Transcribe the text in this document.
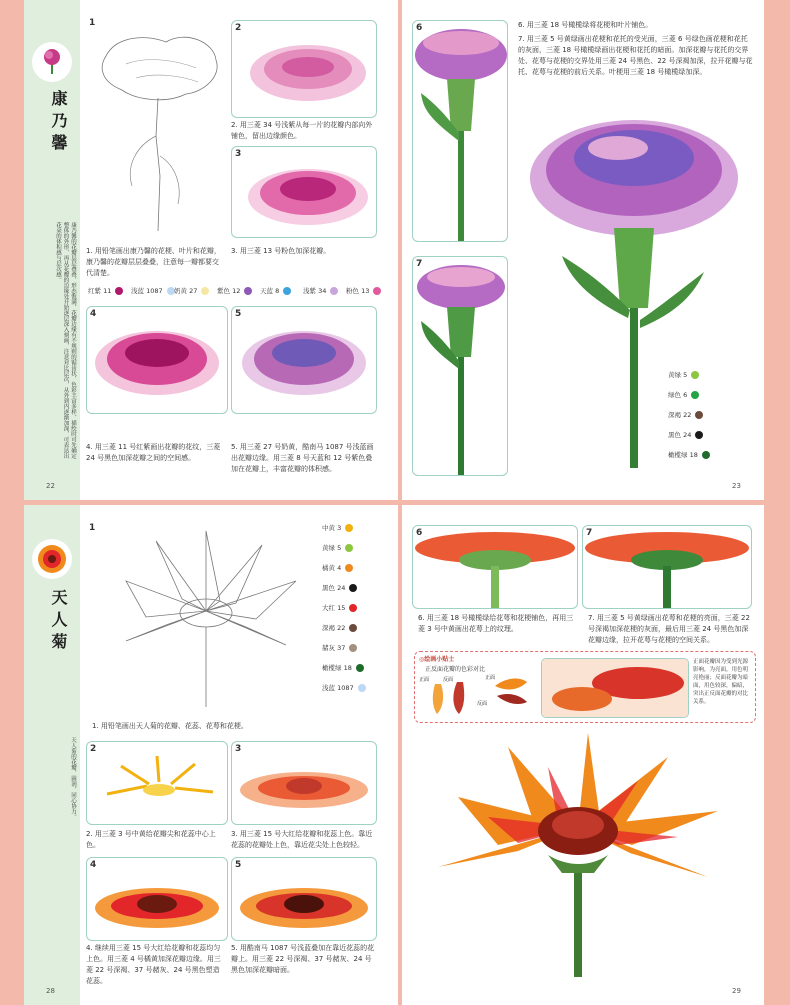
康乃馨
康乃馨的花瓣层层叠叠，形态饱满，花瓣边缘有不规则的锯齿状，色彩丰富多样，描绘时可先确定整体的外形，再从花瓣的边缘处开始逐层深入刻画，注意对比层次，从外到内逐渐加深，可表达出花朵的体积感与层次感。
22
1
1. 用铅笔画出康乃馨的花梗、叶片和花瓣，康乃馨的花瓣层层叠叠，注意每一瓣都要交代清楚。
2
2. 用三菱 34 号浅紫从每一片的花瓣内部向外铺色，留出边缘颜色。
3
3. 用三菱 13 号粉色加深花瓣。
红紫 11	浅蓝 1087 奶黄 27	紫色 12	天蓝 8	浅紫 34	粉色 13
4
4. 用三菱 11 号红紫画出花瓣的花纹，三菱 24 号黑色加深花瓣之间的空间感。
5
5. 用三菱 27 号奶黄，酷南马 1087 号浅蓝画出花瓣边缘。用三菱 8 号天蓝和 12 号紫色叠加在花瓣上，丰富花瓣的体积感。
6	6. 用三菱 18 号橄榄绿将花梗和叶片铺色。
7. 用三菱 5 号黄绿画出花梗和花托的受光面，三菱 6 号绿色画花梗和花托的灰面，三菱 18 号橄榄绿画出花梗和花托的暗面。加深花瓣与花托的交界处、花萼与花梗的交界处用三菱 24 号黑色、22 号深褐加深，拉开花瓣与花托、花萼与花梗的前后关系。叶梗用三菱 18 号橄榄绿加深。
7
黄绿 5
绿色 6
深褐 22
黑色 24
橄榄绿 18
23
天人菊
天人菊的花瓣，圆润，同心协力。
28
1
1. 用铅笔画出天人菊的花瓣、花蕊、花萼和花梗。
中黄 3
黄绿 5
橘黄 4
黑色 24
大红 15
深褐 22
赭灰 37
橄榄绿 18
浅蓝 1087
2
2. 用三菱 3 号中黄给花瓣尖和花蕊中心上色。
3
3. 用三菱 15 号大红给花瓣和花蕊上色。靠近花蕊的花瓣处上色，靠近花尖处上色较轻。
4
4. 继续用三菱 15 号大红给花瓣和花蕊均匀上色。用三菱 4 号橘黄加深花瓣边缘。用三菱 22 号深褐、37 号赭灰、24 号黑色塑造花蕊。
5
5. 用酷南马 1087 号浅蓝叠加在靠近花蕊的花瓣上。用三菱 22 号深褐、37 号赭灰、24 号黑色加深花瓣暗面。
6
6. 用三菱 18 号橄榄绿给花萼和花梗铺色，再用三菱 3 号中黄画出花萼上的纹理。
7
7. 用三菱 5 号黄绿画出花萼和花梗的亮面，三菱 22 号深褐加深花梗的灰面，最后用三菱 24 号黑色加深花瓣边缘，拉开花萼与花梗的空间关系。
◎绘画小贴士
正反面花瓣的色彩对比
正面	反面	正面
反面
正面花瓣因为受到光源影响，为亮面，用色明亮艳丽；反面花瓣为暗面，用色较深，偏暗，突出正反面花瓣的对比关系。
29
